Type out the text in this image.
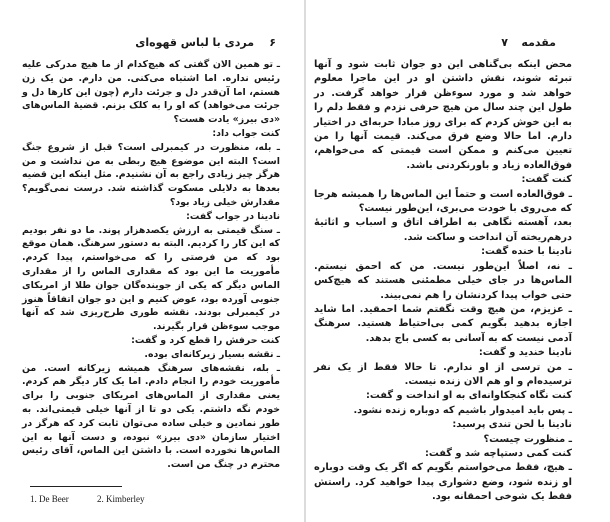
۶
مردی با لباس قهوه‌ای

ـ تو همین الان گفتی که هیچ‌کدام از ما هیچ مدرکی علیه رئیس نداره. اما اشتباه می‌کنی. من دارم. من یک زن هستم، اما آن‌قدر دل و جرئت دارم (چون این کارها دل و جرئت می‌خواهد) که او را به کلک بزنم. قضیهٔ الماس‌های «دی بیرز» یادت هست؟

کنت جواب داد:

ـ بله، منظورت در کیمبرلی است؟ قبل از شروع جنگ است؟ البته این موضوع هیچ ربطی به من نداشت و من هرگز چیز زیادی راجع به آن نشنیدم. مثل اینکه این قضیه بعدها به دلایلی مسکوت گذاشته شد. درست نمی‌گویم؟ مقدارش خیلی زیاد بود؟

نادینا در جواب گفت:

ـ سنگ قیمتی به ارزش یکصدهزار پوند. ما دو نفر بودیم که این کار را کردیم. البته به دستور سرهنگ. همان موقع بود که من فرصتی را که می‌خواستم، پیدا کردم. مأموریت ما این بود که مقداری الماس را از مقداری الماس دیگر که یکی از جوینده‌گان جوان طلا از امریکای جنوبی آورده بود، عوض کنیم و این دو جوان اتفاقاً هنوز در کیمبرلی بودند. نقشه طوری طرح‌ریزی شد که آنها موجب سوءظن قرار بگیرند.

کنت حرفش را قطع کرد و گفت:

ـ نقشه بسیار زیرکانه‌ای بوده.

ـ بله، نقشه‌های سرهنگ همیشه زیرکانه است. من مأموریت خودم را انجام دادم. اما یک کار دیگر هم کردم. یعنی مقداری از الماس‌های امریکای جنوبی را برای خودم نگه داشتم. یکی دو تا از آنها خیلی قیمتی‌اند. به طور نمادین و خیلی ساده می‌توان ثابت کرد که هرگز در اختیار سازمان «دی بیرز» نبوده، و دست آنها به این الماس‌ها نخورده است. با داشتن این الماس، آقای رئیس محترم در چنگ من است.

1. De Beer	2. Kimberley
مقدمه
۷

محض اینکه بی‌گناهی این دو جوان ثابت شود و آنها تبرئه شوند، نقش داشتن او در این ماجرا معلوم خواهد شد و مورد سوءظن قرار خواهد گرفت. در طول این چند سال من هیچ حرفی نزدم و فقط دلم را به این خوش کردم که برای روز مبادا حربه‌ای در اختیار دارم. اما حالا وضع فرق می‌کند. قیمت آنها را من تعیین می‌کنم و ممکن است قیمتی که می‌خواهم، فوق‌العاده زیاد و باورنکردنی باشد.

کنت گفت:

ـ فوق‌العاده است و حتماً این الماس‌ها را همیشه هرجا که می‌روی با خودت می‌بری، این‌طور نیست؟

بعد، آهسته نگاهی به اطراف اتاق و اسباب و اثاثیهٔ درهم‌ریخته آن انداخت و ساکت شد.

نادینا با خنده گفت:

ـ نه، اصلاً این‌طور نیست. من که احمق نیستم. الماس‌ها در جای خیلی مطمئنی هستند که هیچ‌کس حتی خواب پیدا کردنشان را هم نمی‌بیند.

ـ عزیزم، من هیچ وقت نگفتم شما احمقید. اما شاید اجازه بدهید بگویم کمی بی‌احتیاط هستید. سرهنگ آدمی نیست که به آسانی به کسی باج بدهد.

نادینا خندید و گفت:

ـ من ترسی از او ندارم. تا حالا فقط از یک نفر ترسیده‌ام و او هم الان زنده نیست.

کنت نگاه کنجکاوانه‌ای به او انداخت و گفت:

ـ پس باید امیدوار باشیم که دوباره زنده نشود.

نادینا با لحن تندی پرسید:

ـ منظورت چیست؟

کنت کمی دستپاچه شد و گفت:

ـ هیچ، فقط می‌خواستم بگویم که اگر یک وقت دوباره او زنده شود، وضع دشواری پیدا خواهید کرد. راستش فقط یک شوخی احمقانه بود.
